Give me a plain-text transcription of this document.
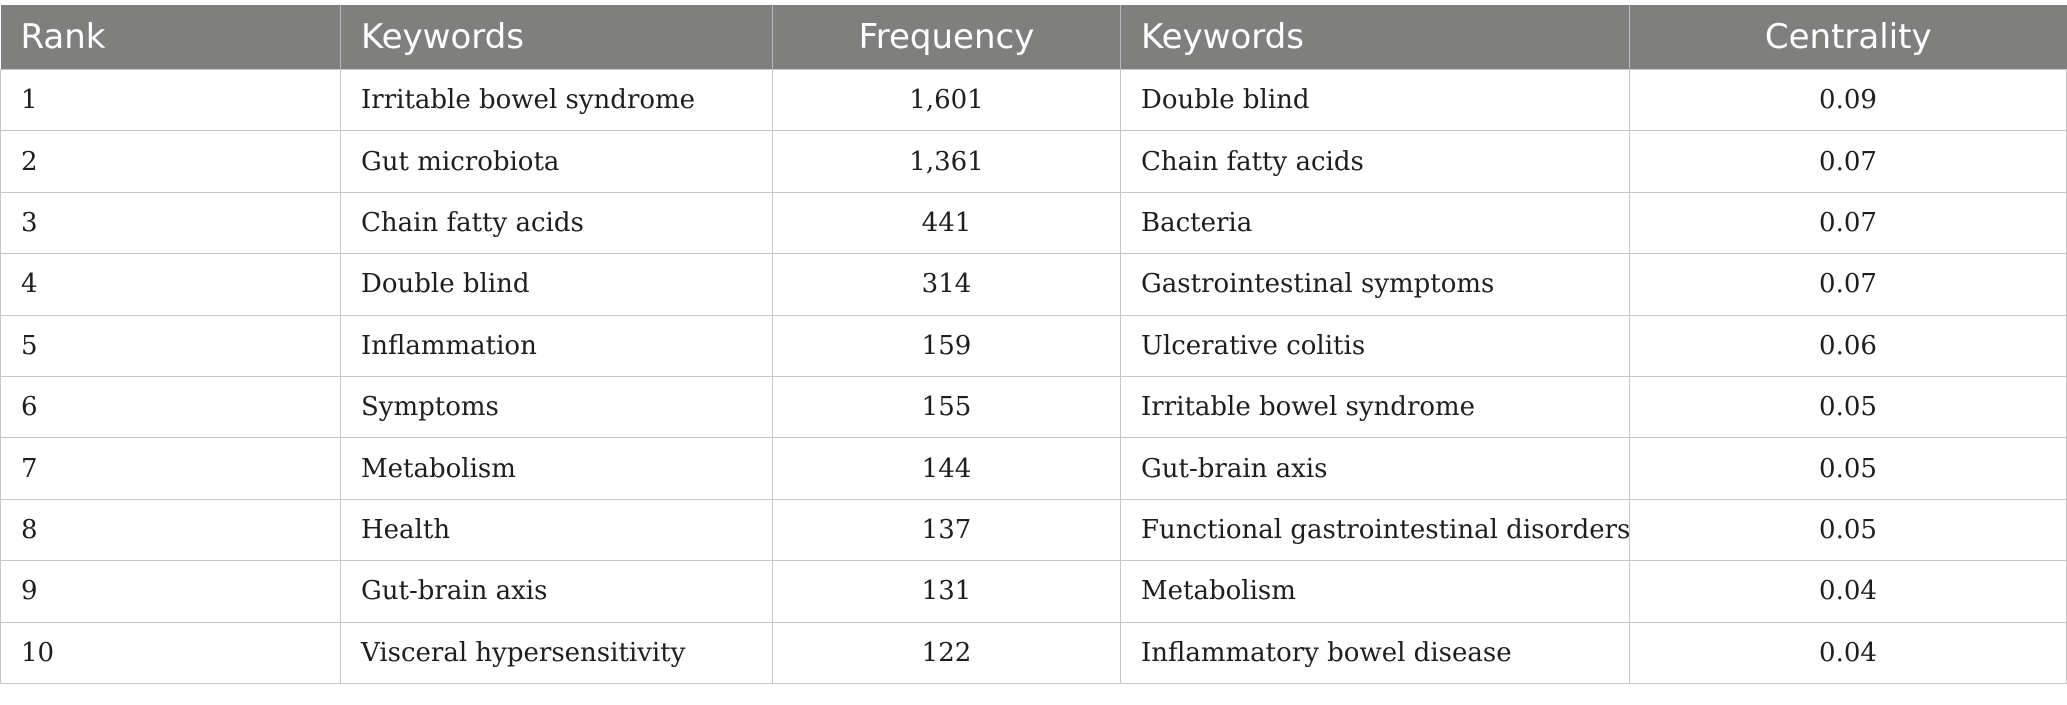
Rank	Keywords	Frequency	Keywords	Centrality
1	Irritable bowel syndrome	1,601	Double blind	0.09
2	Gut microbiota	1,361	Chain fatty acids	0.07
3	Chain fatty acids	441	Bacteria	0.07
4	Double blind	314	Gastrointestinal symptoms	0.07
5	Inflammation	159	Ulcerative colitis	0.06
6	Symptoms	155	Irritable bowel syndrome	0.05
7	Metabolism	144	Gut-brain axis	0.05
8	Health	137	Functional gastrointestinal disorders	0.05
9	Gut-brain axis	131	Metabolism	0.04
10	Visceral hypersensitivity	122	Inflammatory bowel disease	0.04
